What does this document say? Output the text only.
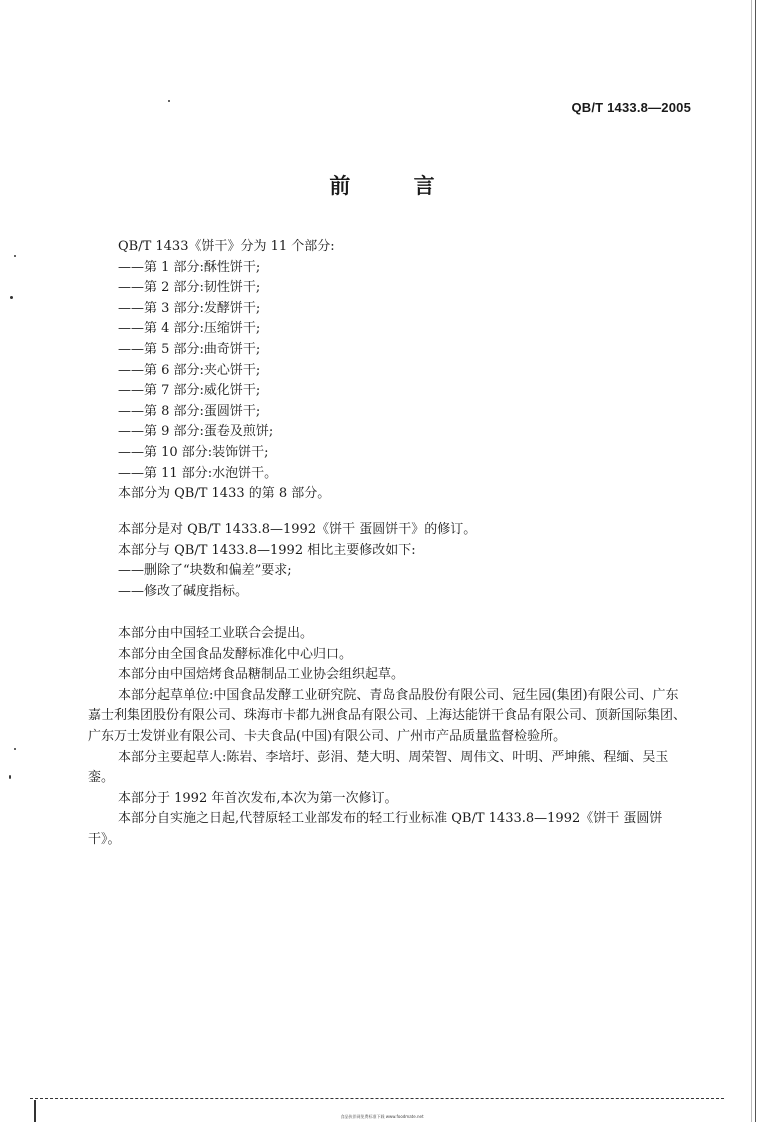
QB/T 1433.8—2005
前 言
QB/T 1433《饼干》分为 11 个部分:
——第 1 部分:酥性饼干;
——第 2 部分:韧性饼干;
——第 3 部分:发酵饼干;
——第 4 部分:压缩饼干;
——第 5 部分:曲奇饼干;
——第 6 部分:夹心饼干;
——第 7 部分:威化饼干;
——第 8 部分:蛋圆饼干;
——第 9 部分:蛋卷及煎饼;
——第 10 部分:装饰饼干;
——第 11 部分:水泡饼干。
本部分为 QB/T 1433 的第 8 部分。
本部分是对 QB/T 1433.8—1992《饼干 蛋圆饼干》的修订。
本部分与 QB/T 1433.8—1992 相比主要修改如下:
——删除了“块数和偏差”要求;
——修改了碱度指标。
本部分由中国轻工业联合会提出。
本部分由全国食品发酵标准化中心归口。
本部分由中国焙烤食品糖制品工业协会组织起草。
本部分起草单位:中国食品发酵工业研究院、青岛食品股份有限公司、冠生园(集团)有限公司、广东嘉士利集团股份有限公司、珠海市卡都九洲食品有限公司、上海达能饼干食品有限公司、顶新国际集团、广东万士发饼业有限公司、卡夫食品(中国)有限公司、广州市产品质量监督检验所。
本部分主要起草人:陈岩、李培圩、彭涓、楚大明、周荣智、周伟文、叶明、严坤熊、程缅、吴玉銮。
本部分于 1992 年首次发布,本次为第一次修订。
本部分自实施之日起,代替原轻工业部发布的轻工行业标准 QB/T 1433.8—1992《饼干 蛋圆饼干》。
食品伙伴网免费标准下载 www.foodmate.net
